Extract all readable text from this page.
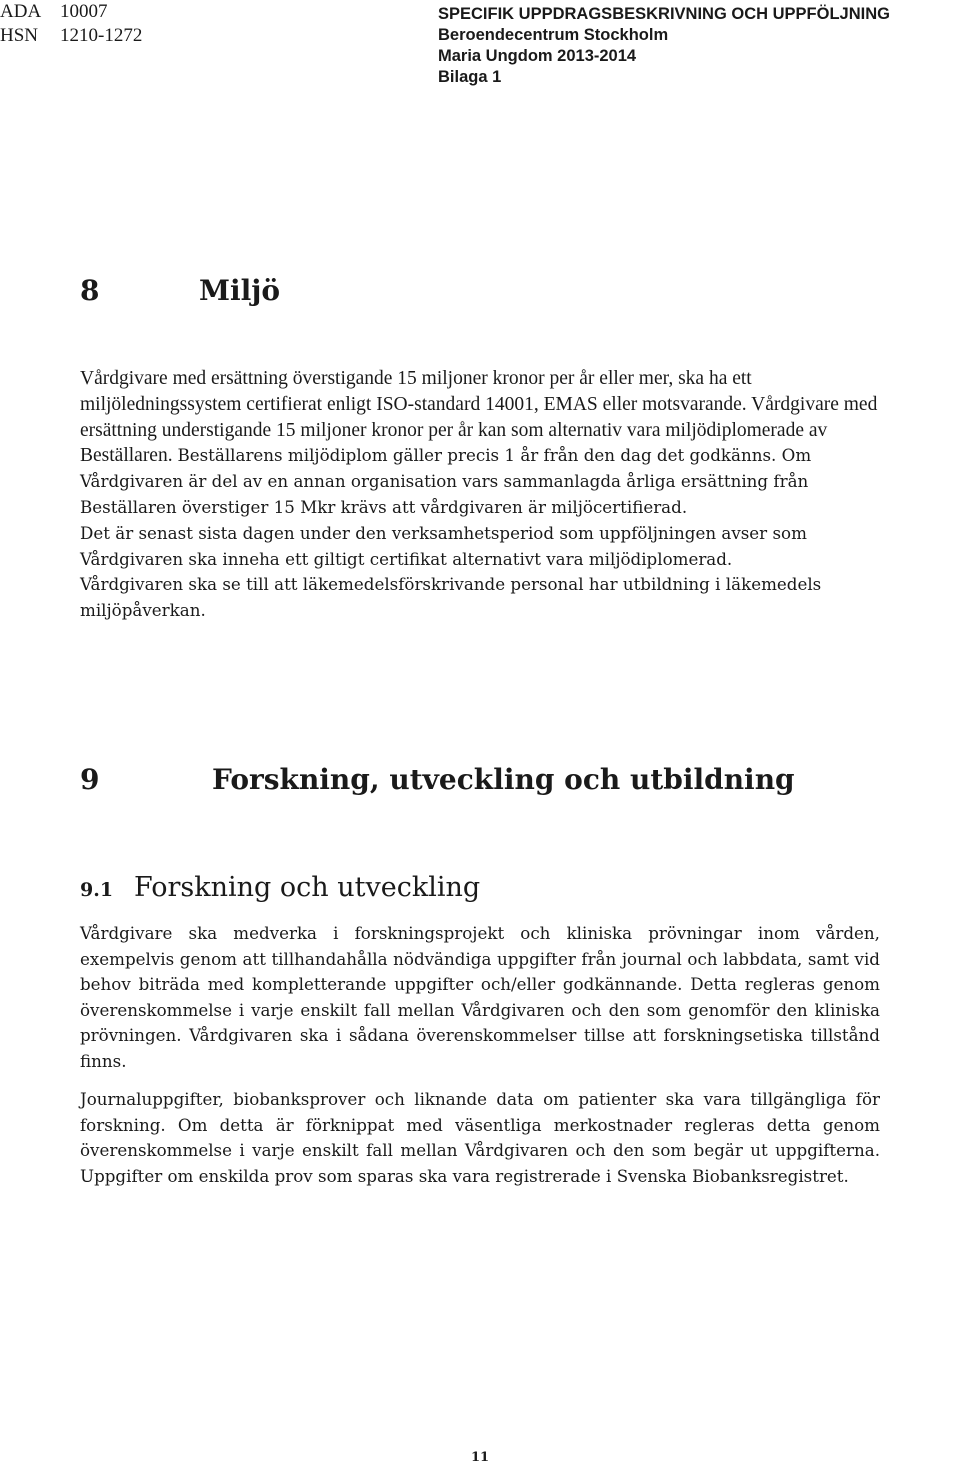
ADA 10007
HSN 1210-1272
SPECIFIK UPPDRAGSBESKRIVNING OCH UPPFÖLJNING
Beroendecentrum Stockholm
Maria Ungdom 2013-2014
Bilaga 1
8	Miljö
Vårdgivare med ersättning överstigande 15 miljoner kronor per år eller mer, ska ha ett miljöledningssystem certifierat enligt ISO-standard 14001, EMAS eller motsvarande. Vårdgivare med ersättning understigande 15 miljoner kronor per år kan som alternativ vara miljödiplomerade av Beställaren. Beställarens miljödiplom gäller precis 1 år från den dag det godkänns. Om Vårdgivaren är del av en annan organisation vars sammanlagda årliga ersättning från Beställaren överstiger 15 Mkr krävs att vårdgivaren är miljöcertifierad.
Det är senast sista dagen under den verksamhetsperiod som uppföljningen avser som Vårdgivaren ska inneha ett giltigt certifikat alternativt vara miljödiplomerad.
Vårdgivaren ska se till att läkemedelsförskrivande personal har utbildning i läkemedels miljöpåverkan.
9	Forskning, utveckling och utbildning
9.1 Forskning och utveckling

Vårdgivare ska medverka i forskningsprojekt och kliniska prövningar inom vården, exempelvis genom att tillhandahålla nödvändiga uppgifter från journal och labbdata, samt vid behov biträda med kompletterande uppgifter och/eller godkännande. Detta regleras genom överenskommelse i varje enskilt fall mellan Vårdgivaren och den som genomför den kliniska prövningen. Vårdgivaren ska i sådana överenskommelser tillse att forskningsetiska tillstånd finns.

Journaluppgifter, biobanksprover och liknande data om patienter ska vara tillgängliga för forskning. Om detta är förknippat med väsentliga merkostnader regleras detta genom överenskommelse i varje enskilt fall mellan Vårdgivaren och den som begär ut uppgifterna. Uppgifter om enskilda prov som sparas ska vara registrerade i Svenska Biobanksregistret.

11
